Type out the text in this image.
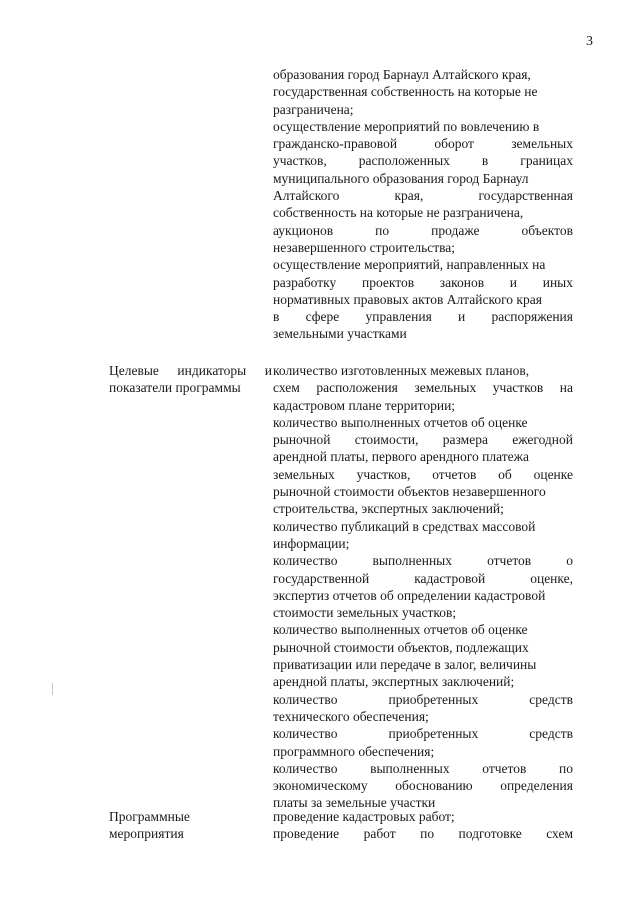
3
образования город Барнаул Алтайского края,
государственная собственность на которые не
разграничена;
осуществление мероприятий по вовлечению в
гражданско-правовой оборот земельных
участков, расположенных в границах
муниципального образования город Барнаул
Алтайского края, государственная
собственность на которые не разграничена,
аукционов по продаже объектов
незавершенного строительства;
осуществление мероприятий, направленных на
разработку проектов законов и иных
нормативных правовых актов Алтайского края
в сфере управления и распоряжения
земельными участками
Целевые индикаторы и
показатели программы
количество изготовленных межевых планов,
схем расположения земельных участков на
кадастровом плане территории;
количество выполненных отчетов об оценке
рыночной стоимости, размера ежегодной
арендной платы, первого арендного платежа
земельных участков, отчетов об оценке
рыночной стоимости объектов незавершенного
строительства, экспертных заключений;
количество публикаций в средствах массовой
информации;
количество выполненных отчетов о
государственной кадастровой оценке,
экспертиз отчетов об определении кадастровой
стоимости земельных участков;
количество выполненных отчетов об оценке
рыночной стоимости объектов, подлежащих
приватизации или передаче в залог, величины
арендной платы, экспертных заключений;
количество приобретенных средств
технического обеспечения;
количество приобретенных средств
программного обеспечения;
количество выполненных отчетов по
экономическому обоснованию определения
платы за земельные участки
Программные
мероприятия
проведение кадастровых работ;
проведение работ по подготовке схем
